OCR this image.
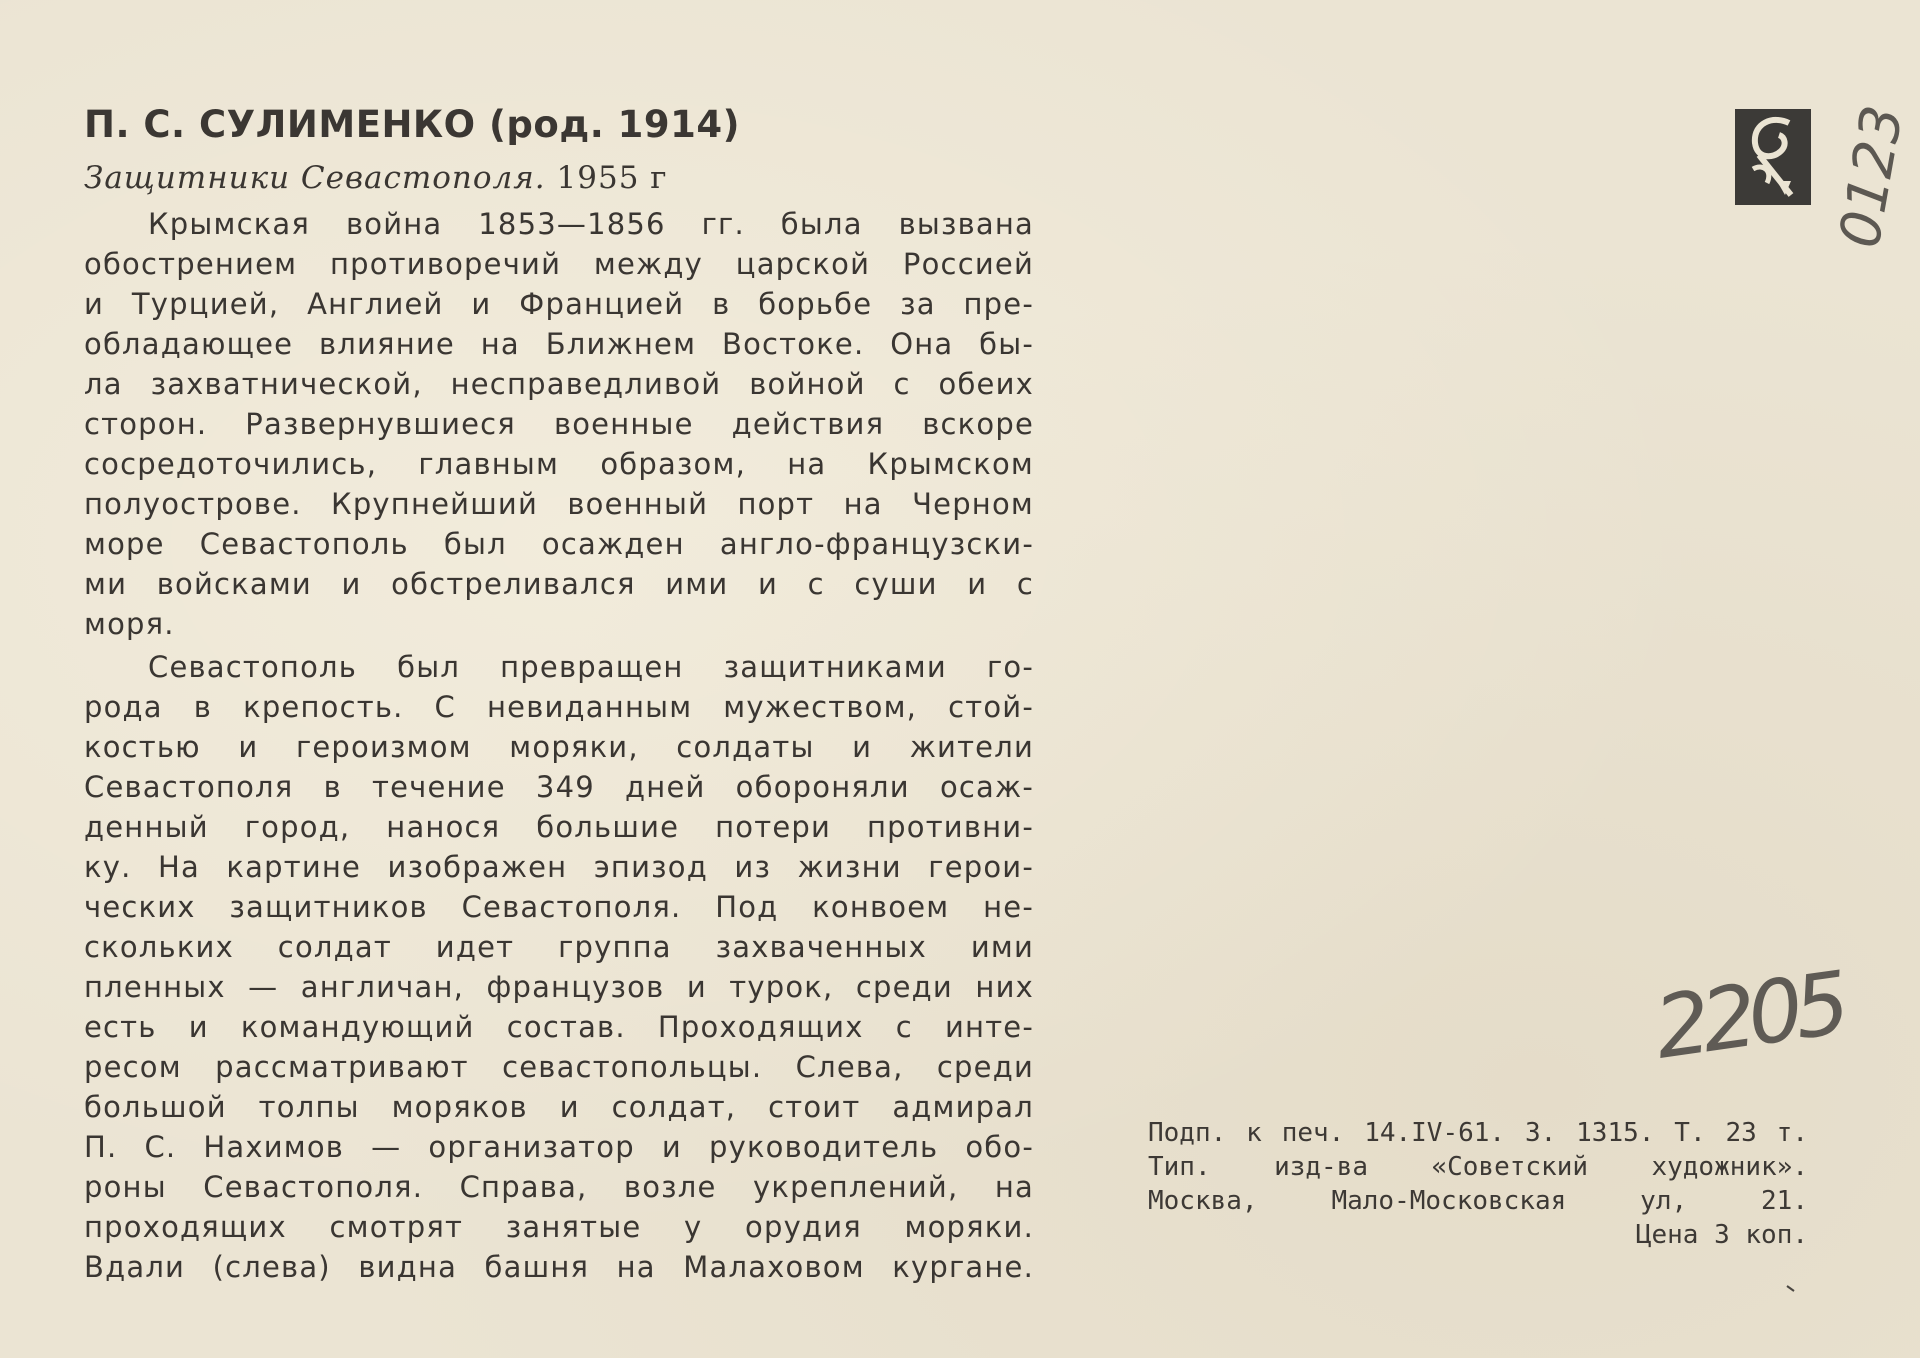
П. С. СУЛИМЕНКО (род. 1914)
Защитники Севастополя. 1955 г
Крымская война 1853—1856 гг. была вызвана
обострением противоречий между царской Россией
и Турцией, Англией и Францией в борьбе за пре-
обладающее влияние на Ближнем Востоке. Она бы-
ла захватнической, несправедливой войной с обеих
сторон. Развернувшиеся военные действия вскоре
сосредоточились, главным образом, на Крымском
полуострове. Крупнейший военный порт на Черном
море Севастополь был осажден англо-французски-
ми войсками и обстреливался ими и с суши и с
моря.
Севастополь был превращен защитниками го-
рода в крепость. С невиданным мужеством, стой-
костью и героизмом моряки, солдаты и жители
Севастополя в течение 349 дней обороняли осаж-
денный город, нанося большие потери противни-
ку. На картине изображен эпизод из жизни герои-
ческих защитников Севастополя. Под конвоем не-
скольких солдат идет группа захваченных ими
пленных — англичан, французов и турок, среди них
есть и командующий состав. Проходящих с инте-
ресом рассматривают севастопольцы. Слева, среди
большой толпы моряков и солдат, стоит адмирал
П. С. Нахимов — организатор и руководитель обо-
роны Севастополя. Справа, возле укреплений, на
проходящих смотрят занятые у орудия моряки.
Вдали (слева) видна башня на Малаховом кургане.
0123
2205
Подп. к печ. 14.IV-61. З. 1315. Т. 23 т.
Тип. изд-ва «Советский художник».
Москва, Мало-Московская ул, 21.
Цена 3 коп.
